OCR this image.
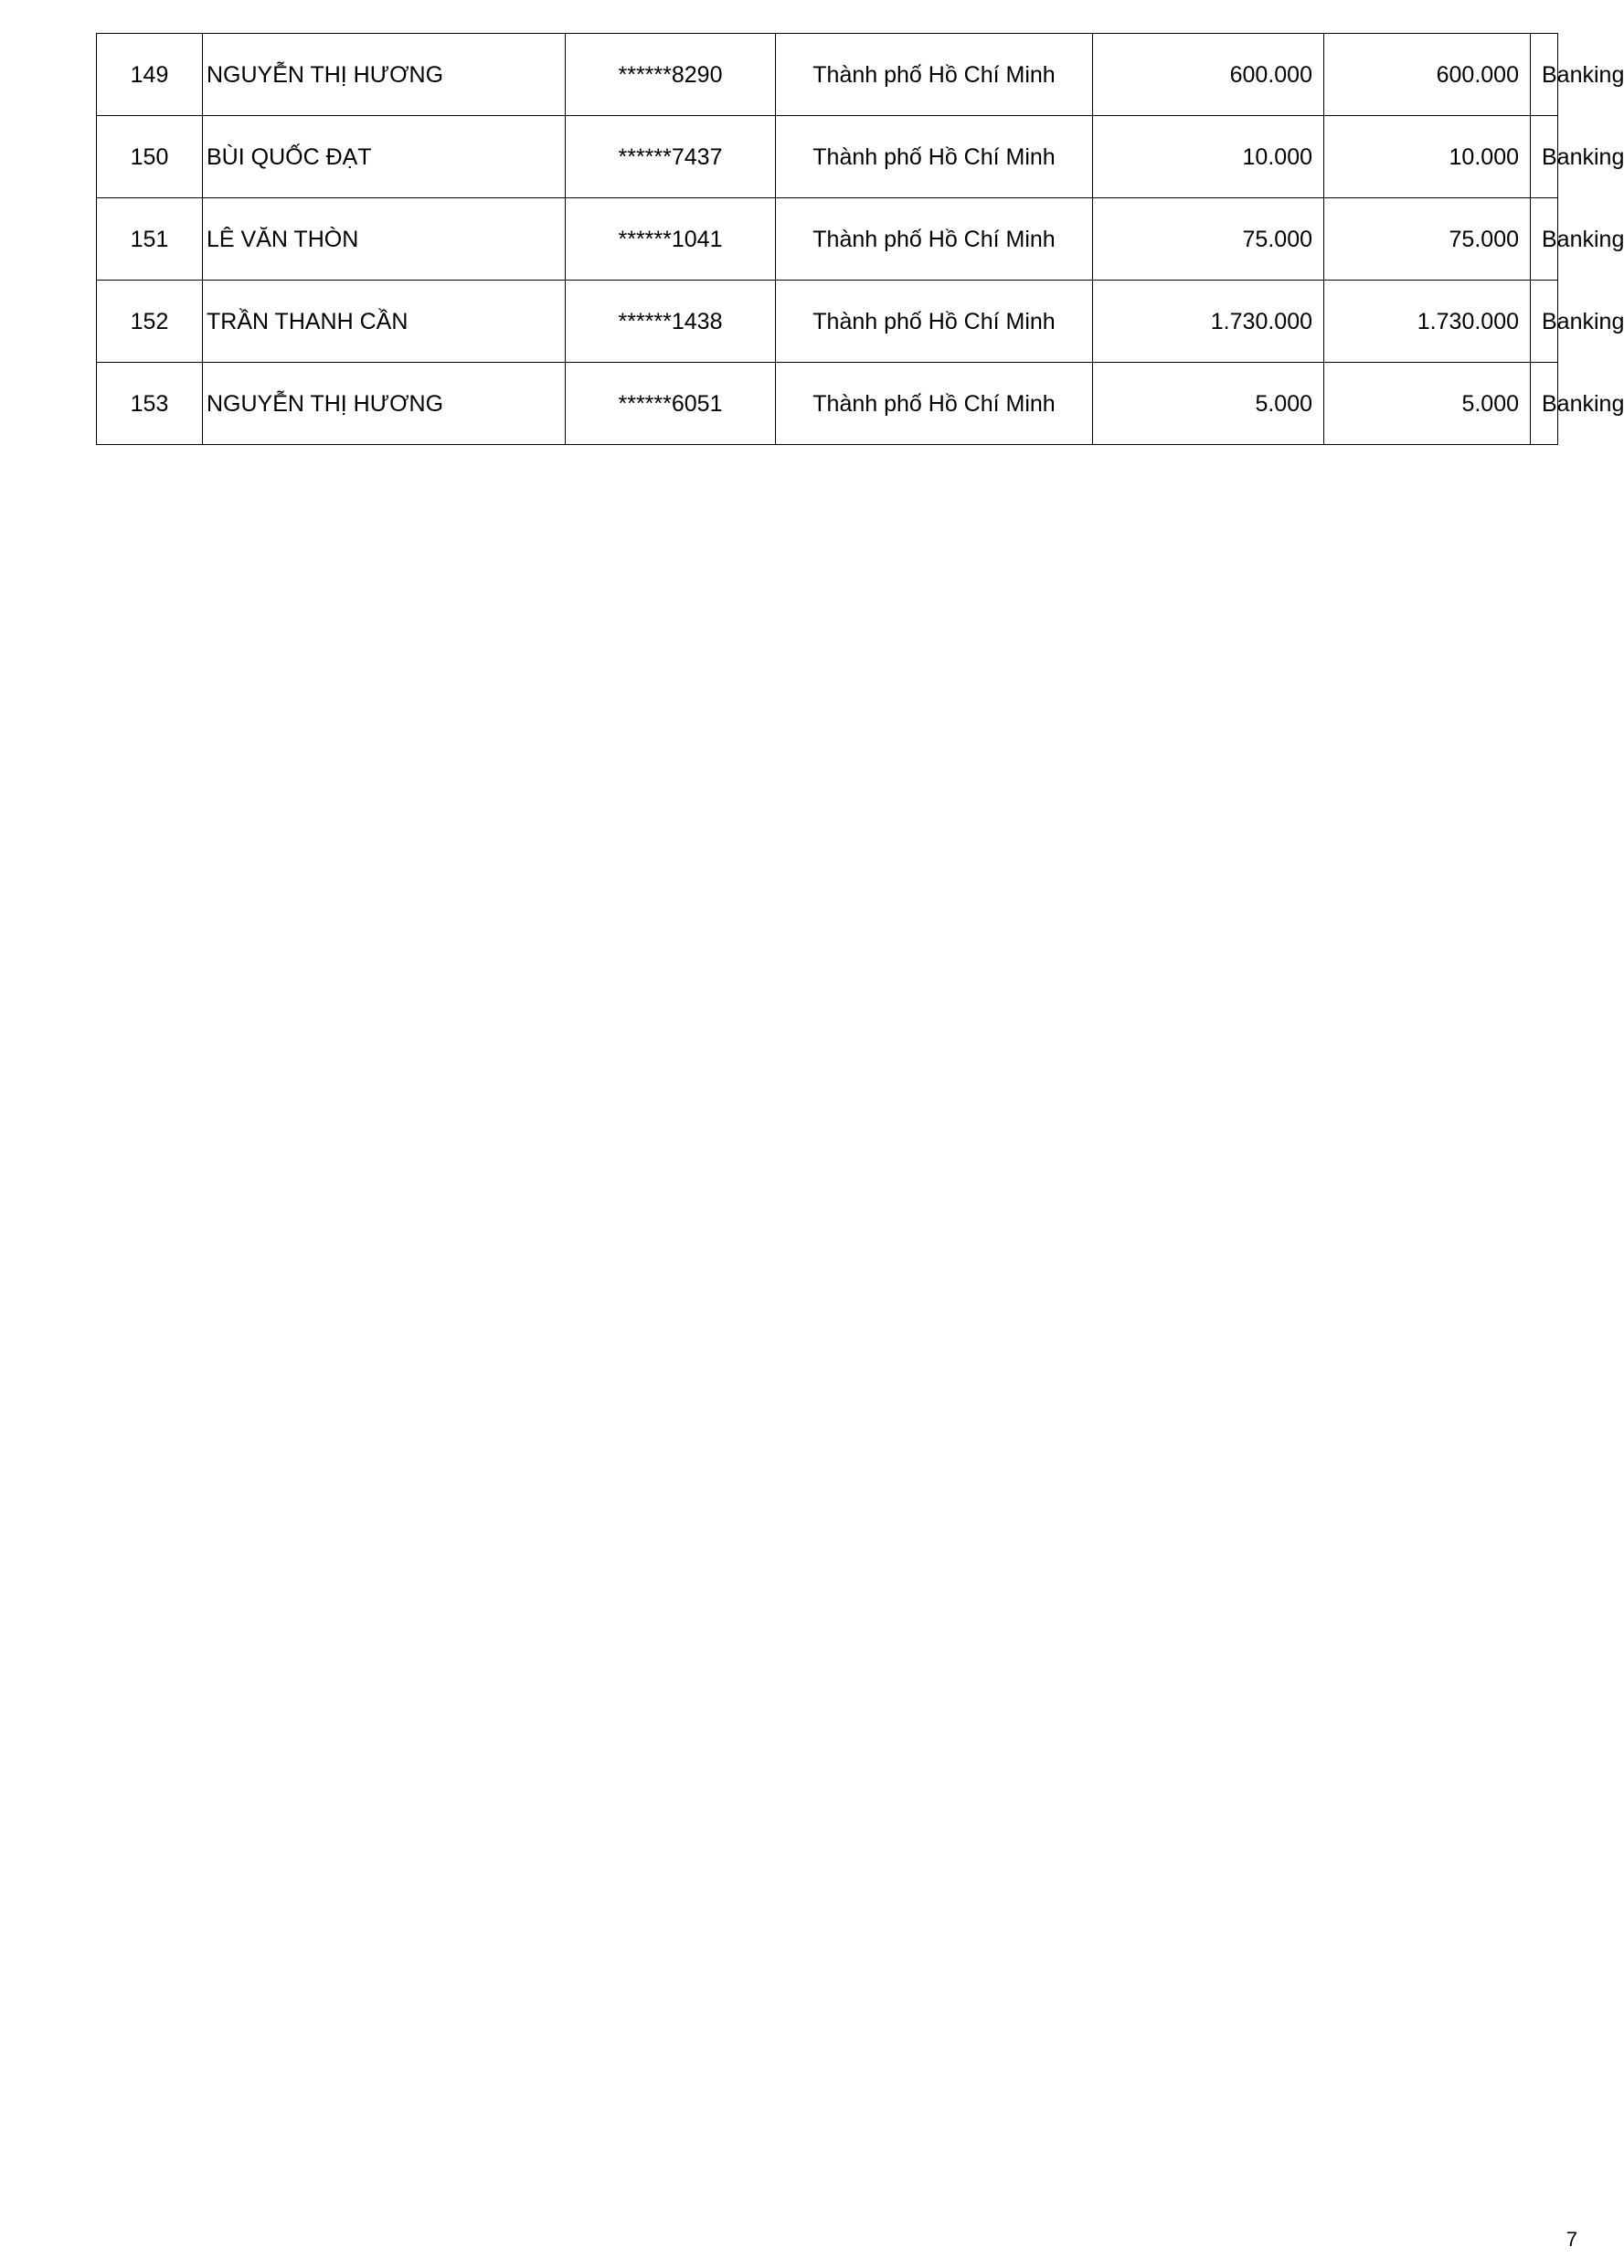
149	NGUYỄN THỊ HƯƠNG	******8290	Thành phố Hồ Chí Minh	600.000	600.000	Banking
150	BÙI QUỐC ĐẠT	******7437	Thành phố Hồ Chí Minh	10.000	10.000	Banking
151	LÊ VĂN THÒN	******1041	Thành phố Hồ Chí Minh	75.000	75.000	Banking
152	TRẦN THANH CẦN	******1438	Thành phố Hồ Chí Minh	1.730.000	1.730.000	Banking
153	NGUYỄN THỊ HƯƠNG	******6051	Thành phố Hồ Chí Minh	5.000	5.000	Banking
7
